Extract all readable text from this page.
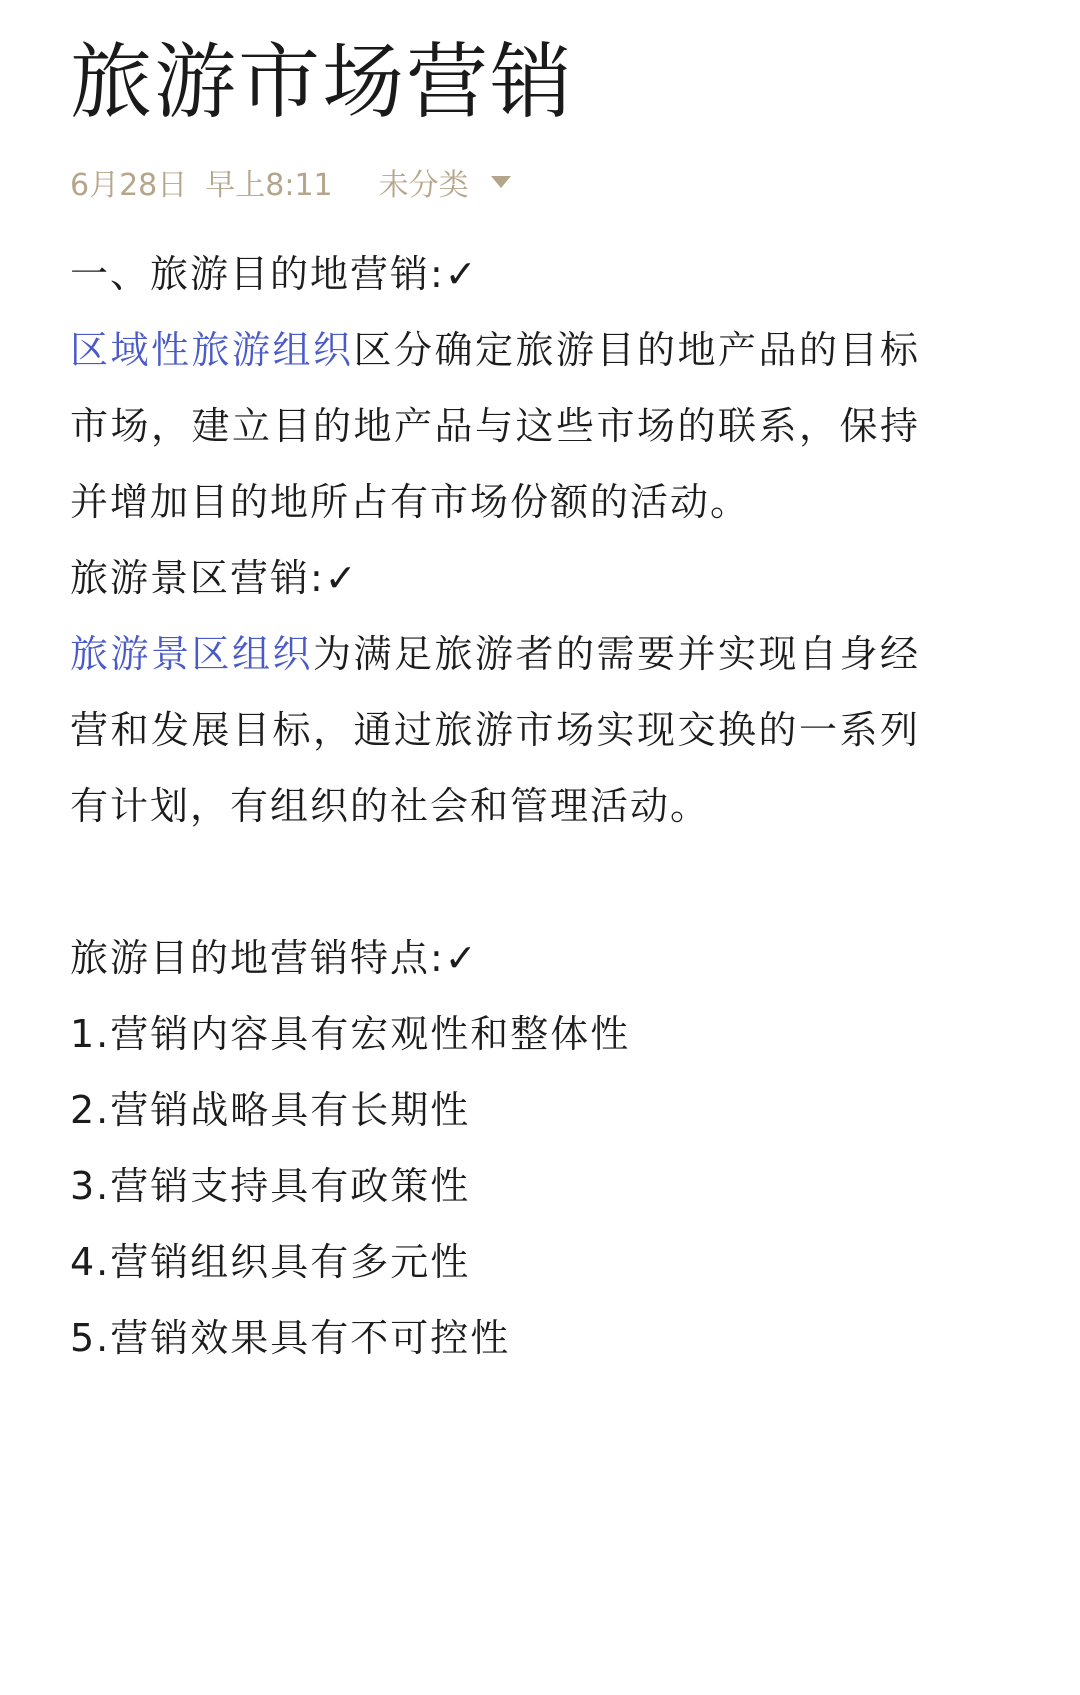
旅游市场营销
6月28日 早上8:11 未分类

一、旅游目的地营销:✓

区域性旅游组织区分确定旅游目的地产品的目标市场，建立目的地产品与这些市场的联系，保持并增加目的地所占有市场份额的活动。

旅游景区营销:✓

旅游景区组织为满足旅游者的需要并实现自身经营和发展目标，通过旅游市场实现交换的一系列有计划，有组织的社会和管理活动。

旅游目的地营销特点:✓

1.营销内容具有宏观性和整体性

2.营销战略具有长期性

3.营销支持具有政策性

4.营销组织具有多元性

5.营销效果具有不可控性
